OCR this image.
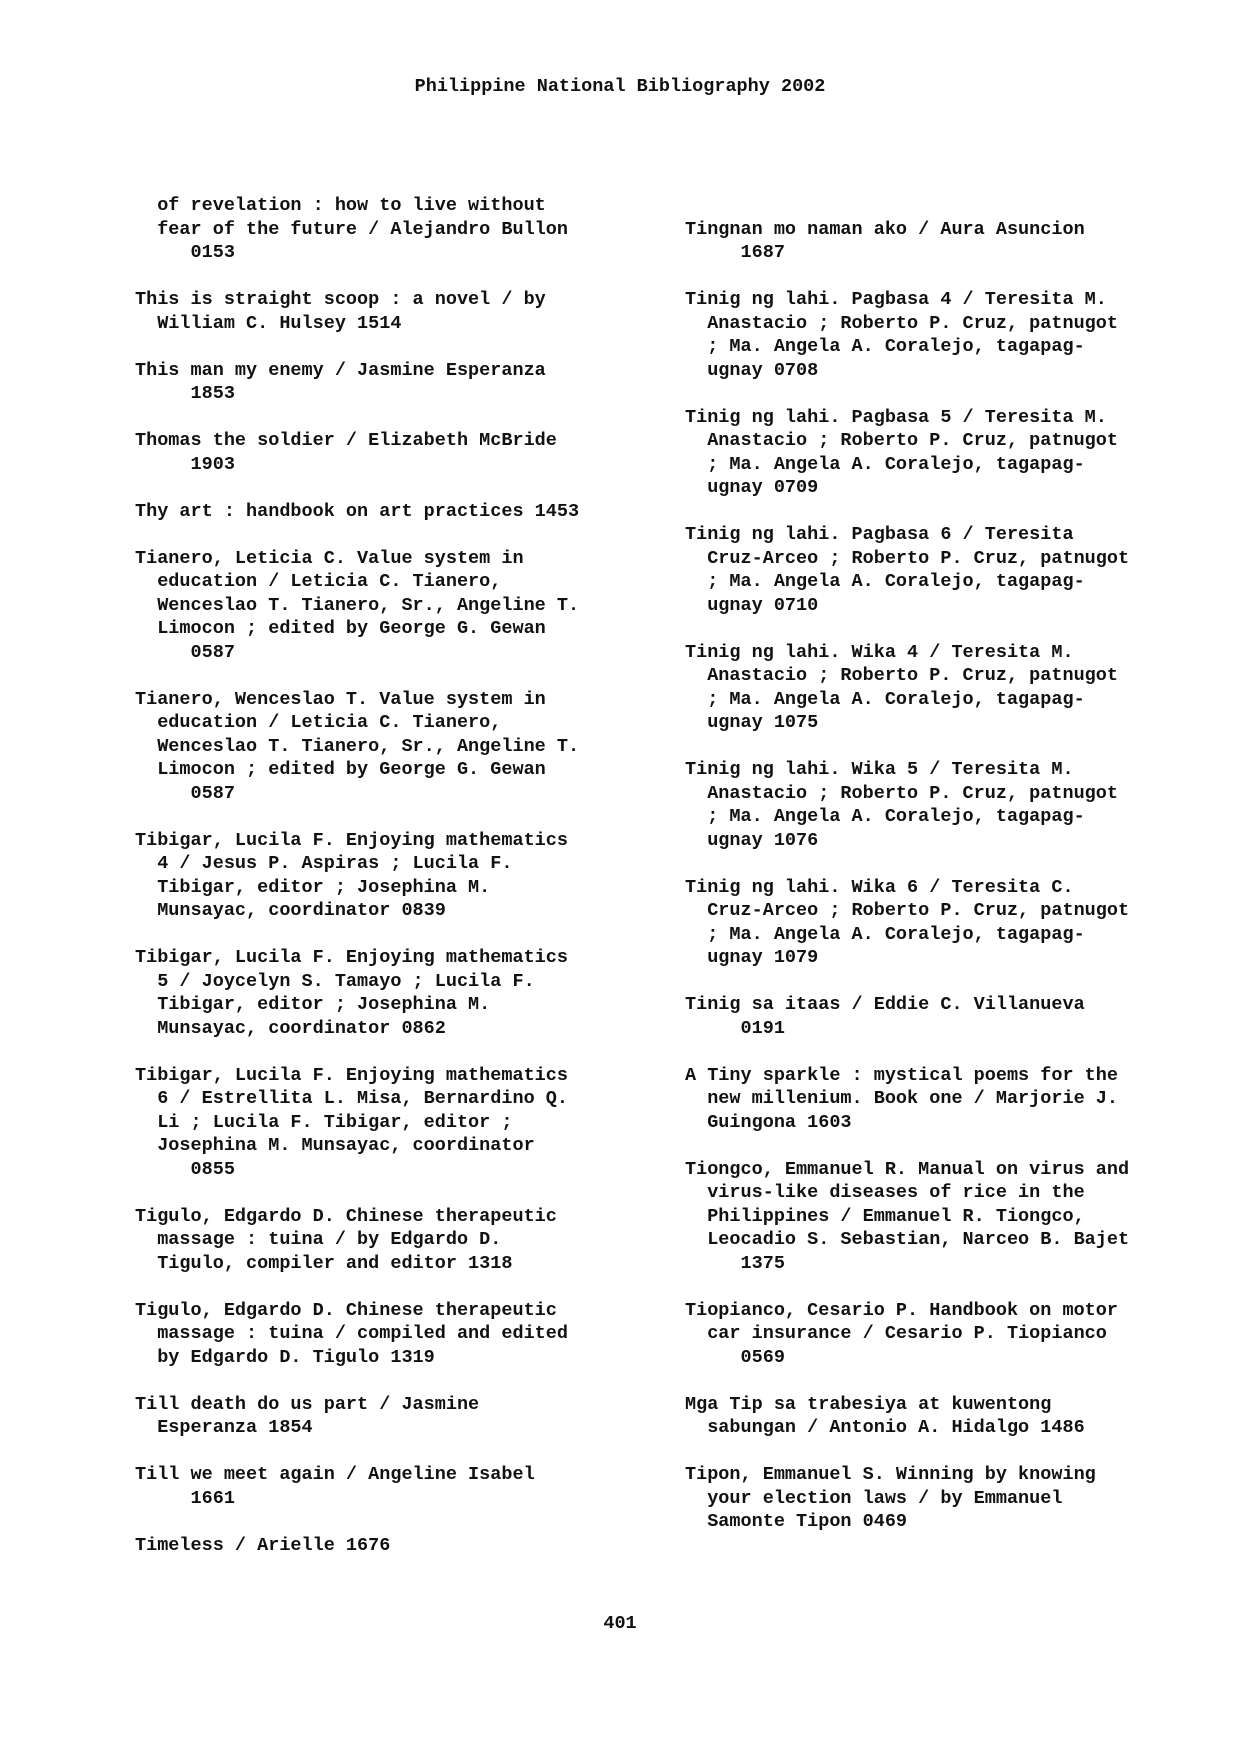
Philippine National Bibliography 2002
of revelation : how to live without
fear of the future / Alejandro Bullon
0153
This is straight scoop : a novel / by
William C. Hulsey 1514
This man my enemy / Jasmine Esperanza
1853
Thomas the soldier / Elizabeth McBride
1903
Thy art : handbook on art practices 1453
Tianero, Leticia C. Value system in
education / Leticia C. Tianero,
Wenceslao T. Tianero, Sr., Angeline T.
Limocon ; edited by George G. Gewan
0587
Tianero, Wenceslao T. Value system in
education / Leticia C. Tianero,
Wenceslao T. Tianero, Sr., Angeline T.
Limocon ; edited by George G. Gewan
0587
Tibigar, Lucila F. Enjoying mathematics
4 / Jesus P. Aspiras ; Lucila F.
Tibigar, editor ; Josephina M.
Munsayac, coordinator 0839
Tibigar, Lucila F. Enjoying mathematics
5 / Joycelyn S. Tamayo ; Lucila F.
Tibigar, editor ; Josephina M.
Munsayac, coordinator 0862
Tibigar, Lucila F. Enjoying mathematics
6 / Estrellita L. Misa, Bernardino Q.
Li ; Lucila F. Tibigar, editor ;
Josephina M. Munsayac, coordinator
0855
Tigulo, Edgardo D. Chinese therapeutic
massage : tuina / by Edgardo D.
Tigulo, compiler and editor 1318
Tigulo, Edgardo D. Chinese therapeutic
massage : tuina / compiled and edited
by Edgardo D. Tigulo 1319
Till death do us part / Jasmine
Esperanza 1854
Till we meet again / Angeline Isabel
1661
Timeless / Arielle 1676

Tingnan mo naman ako / Aura Asuncion
1687
Tinig ng lahi. Pagbasa 4 / Teresita M.
Anastacio ; Roberto P. Cruz, patnugot
; Ma. Angela A. Coralejo, tagapag-
ugnay 0708
Tinig ng lahi. Pagbasa 5 / Teresita M.
Anastacio ; Roberto P. Cruz, patnugot
; Ma. Angela A. Coralejo, tagapag-
ugnay 0709
Tinig ng lahi. Pagbasa 6 / Teresita
Cruz-Arceo ; Roberto P. Cruz, patnugot
; Ma. Angela A. Coralejo, tagapag-
ugnay 0710
Tinig ng lahi. Wika 4 / Teresita M.
Anastacio ; Roberto P. Cruz, patnugot
; Ma. Angela A. Coralejo, tagapag-
ugnay 1075
Tinig ng lahi. Wika 5 / Teresita M.
Anastacio ; Roberto P. Cruz, patnugot
; Ma. Angela A. Coralejo, tagapag-
ugnay 1076
Tinig ng lahi. Wika 6 / Teresita C.
Cruz-Arceo ; Roberto P. Cruz, patnugot
; Ma. Angela A. Coralejo, tagapag-
ugnay 1079
Tinig sa itaas / Eddie C. Villanueva
0191
A Tiny sparkle : mystical poems for the
new millenium. Book one / Marjorie J.
Guingona 1603
Tiongco, Emmanuel R. Manual on virus and
virus-like diseases of rice in the
Philippines / Emmanuel R. Tiongco,
Leocadio S. Sebastian, Narceo B. Bajet
1375
Tiopianco, Cesario P. Handbook on motor
car insurance / Cesario P. Tiopianco
0569
Mga Tip sa trabesiya at kuwentong
sabungan / Antonio A. Hidalgo 1486
Tipon, Emmanuel S. Winning by knowing
your election laws / by Emmanuel
Samonte Tipon 0469
401
